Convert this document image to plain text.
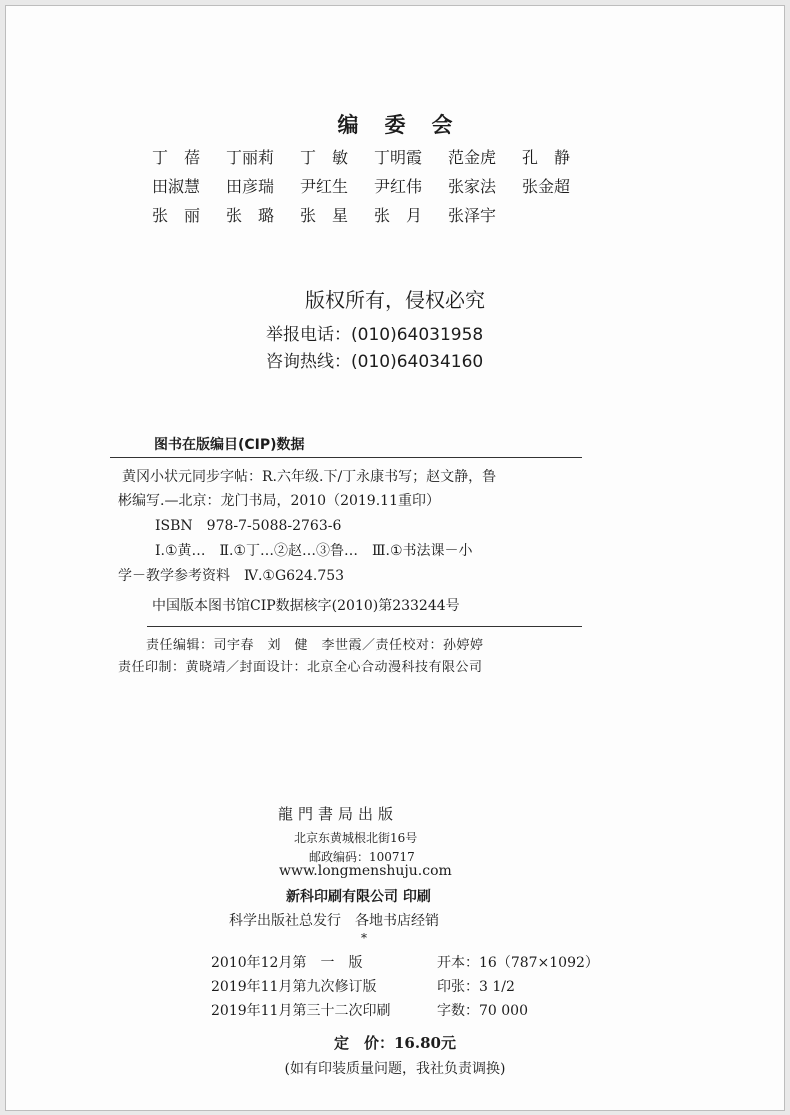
编委会
丁　蓓	丁丽莉	丁　敏	丁明霞	范金虎	孔　静
田淑慧	田彦瑞	尹红生	尹红伟	张家法	张金超
张　丽	张　璐	张　星	张　月	张泽宇
版权所有，侵权必究
举报电话：(010)64031958
咨询热线：(010)64034160
图书在版编目(CIP)数据
黄冈小状元同步字帖：R.六年级.下/丁永康书写；赵文静，鲁
彬编写.—北京：龙门书局，2010（2019.11重印）
ISBN　978-7-5088-2763-6
Ⅰ.①黄…　Ⅱ.①丁…②赵…③鲁…　Ⅲ.①书法课－小
学－教学参考资料　Ⅳ.①G624.753
中国版本图书馆CIP数据核字(2010)第233244号
责任编辑：司宇春　刘　健　李世霞／责任校对：孙婷婷
责任印制：黄晓靖／封面设计：北京全心合动漫科技有限公司
龍門書局出版
北京东黄城根北街16号
邮政编码：100717
www.longmenshuju.com
新科印刷有限公司 印刷
科学出版社总发行　各地书店经销
*
2010年12月第　一　版	开本：16（787×1092）
2019年11月第九次修订版	印张：3 1/2
2019年11月第三十二次印刷	字数：70 000
定　价：16.80元
(如有印装质量问题，我社负责调换)
